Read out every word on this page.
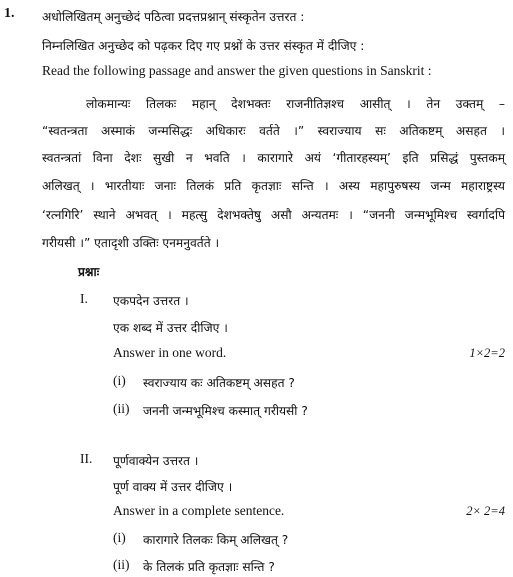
1. अधोलिखितम् अनुच्छेदं पठित्वा प्रदत्तप्रश्नान् संस्कृतेन उत्तरत :
निम्नलिखित अनुच्छेद को पढ़कर दिए गए प्रश्नों के उत्तर संस्कृत में दीजिए :
Read the following passage and answer the given questions in Sanskrit :
लोकमान्यः तिलकः महान् देशभक्तः राजनीतिज्ञश्च आसीत् । तेन उक्तम् –
“स्वतन्त्रता अस्माकं जन्मसिद्धः अधिकारः वर्तते ।” स्वराज्याय सः अतिकष्टम् असहत ।
स्वतन्त्रतां विना देशः सुखी न भवति । कारागारे अयं ‘गीतारहस्यम्’ इति प्रसिद्धं पुस्तकम्
अलिखत् । भारतीयाः जनाः तिलकं प्रति कृतज्ञाः सन्ति । अस्य महापुरुषस्य जन्म महाराष्ट्रस्य
‘रत्नगिरि’ स्थाने अभवत् । महत्सु देशभक्तेषु असौ अन्यतमः । “जननी जन्मभूमिश्च स्वर्गादपि
गरीयसी ।” एतादृशी उक्तिः एनमनुवर्तते ।
प्रश्नाः
I. एकपदेन उत्तरत ।
एक शब्द में उत्तर दीजिए ।
Answer in one word.	1×2=2
(i) स्वराज्याय कः अतिकष्टम् असहत ?
(ii) जननी जन्मभूमिश्च कस्मात् गरीयसी ?
II. पूर्णवाक्येन उत्तरत ।
पूर्ण वाक्य में उत्तर दीजिए ।
Answer in a complete sentence.	2× 2=4
(i) कारागारे तिलकः किम् अलिखत् ?
(ii) के तिलकं प्रति कृतज्ञाः सन्ति ?
